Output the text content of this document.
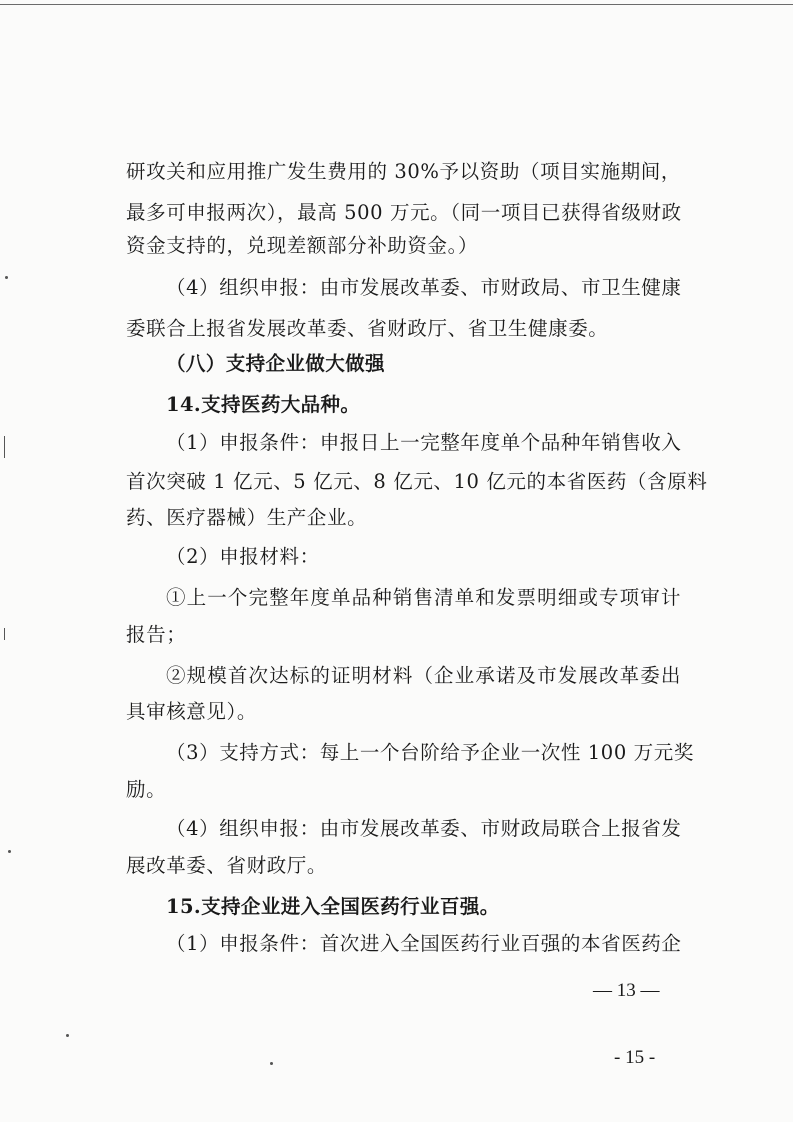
研攻关和应用推广发生费用的 30%予以资助（项目实施期间，
最多可申报两次），最高 500 万元。（同一项目已获得省级财政
资金支持的，兑现差额部分补助资金。）
（4）组织申报：由市发展改革委、市财政局、市卫生健康
委联合上报省发展改革委、省财政厅、省卫生健康委。
（八）支持企业做大做强
14.支持医药大品种。
（1）申报条件：申报日上一完整年度单个品种年销售收入
首次突破 1 亿元、5 亿元、8 亿元、10 亿元的本省医药（含原料
药、医疗器械）生产企业。
（2）申报材料：
①上一个完整年度单品种销售清单和发票明细或专项审计
报告；
②规模首次达标的证明材料（企业承诺及市发展改革委出
具审核意见）。
（3）支持方式：每上一个台阶给予企业一次性 100 万元奖
励。
（4）组织申报：由市发展改革委、市财政局联合上报省发
展改革委、省财政厅。
15.支持企业进入全国医药行业百强。
（1）申报条件：首次进入全国医药行业百强的本省医药企
— 13 —
- 15 -
